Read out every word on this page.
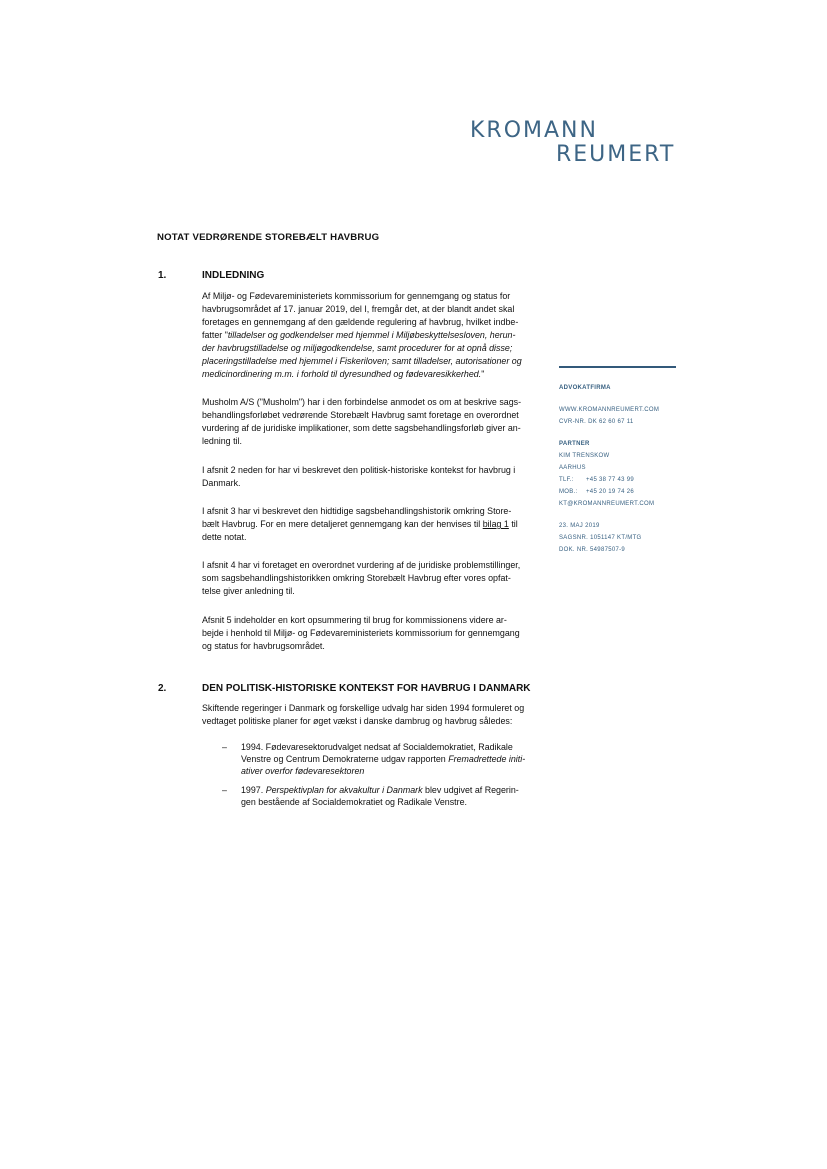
KROMANN
REUMERT
NOTAT VEDRØRENDE STOREBÆLT HAVBRUG
1.	INDLEDNING

Af Miljø- og Fødevareministeriets kommissorium for gennemgang og status for
havbrugsområdet af 17. januar 2019, del I, fremgår det, at der blandt andet skal
foretages en gennemgang af den gældende regulering af havbrug, hvilket indbe-
fatter "tilladelser og godkendelser med hjemmel i Miljøbeskyttelsesloven, herun-
der havbrugstilladelse og miljøgodkendelse, samt procedurer for at opnå disse;
placeringstilladelse med hjemmel i Fiskeriloven; samt tilladelser, autorisationer og
medicinordinering m.m. i forhold til dyresundhed og fødevaresikkerhed."

Musholm A/S ("Musholm") har i den forbindelse anmodet os om at beskrive sags-
behandlingsforløbet vedrørende Storebælt Havbrug samt foretage en overordnet
vurdering af de juridiske implikationer, som dette sagsbehandlingsforløb giver an-
ledning til.

I afsnit 2 neden for har vi beskrevet den politisk-historiske kontekst for havbrug i
Danmark.

I afsnit 3 har vi beskrevet den hidtidige sagsbehandlingshistorik omkring Store-
bælt Havbrug. For en mere detaljeret gennemgang kan der henvises til bilag 1 til
dette notat.

I afsnit 4 har vi foretaget en overordnet vurdering af de juridiske problemstillinger,
som sagsbehandlingshistorikken omkring Storebælt Havbrug efter vores opfat-
telse giver anledning til.

Afsnit 5 indeholder en kort opsummering til brug for kommissionens videre ar-
bejde i henhold til Miljø- og Fødevareministeriets kommissorium for gennemgang
og status for havbrugsområdet.

2.	DEN POLITISK-HISTORISKE KONTEKST FOR HAVBRUG I DANMARK

Skiftende regeringer i Danmark og forskellige udvalg har siden 1994 formuleret og
vedtaget politiske planer for øget vækst i danske dambrug og havbrug således:

– 1994. Fødevaresektorudvalget nedsat af Socialdemokratiet, Radikale
Venstre og Centrum Demokraterne udgav rapporten Fremadrettede initi-
ativer overfor fødevaresektoren
– 1997. Perspektivplan for akvakultur i Danmark blev udgivet af Regerin-
gen bestående af Socialdemokratiet og Radikale Venstre.
ADVOKATFIRMA
WWW.KROMANNREUMERT.COM
CVR-NR. DK 62 60 67 11
PARTNER
KIM TRENSKOW
AARHUS
TLF.:	+45 38 77 43 99
MOB.:	+45 20 19 74 26
KT@KROMANNREUMERT.COM
23. MAJ 2019
SAGSNR. 1051147 KT/MTG
DOK. NR. 54987507-9
